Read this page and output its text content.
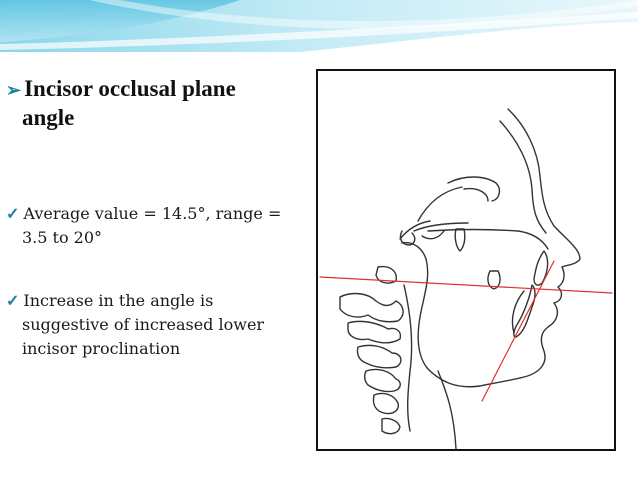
➢ Incisor occlusal plane
angle
✓ Average value = 14.5°, range =
3.5 to 20°
✓ Increase in the angle is
suggestive of increased lower
incisor proclination
